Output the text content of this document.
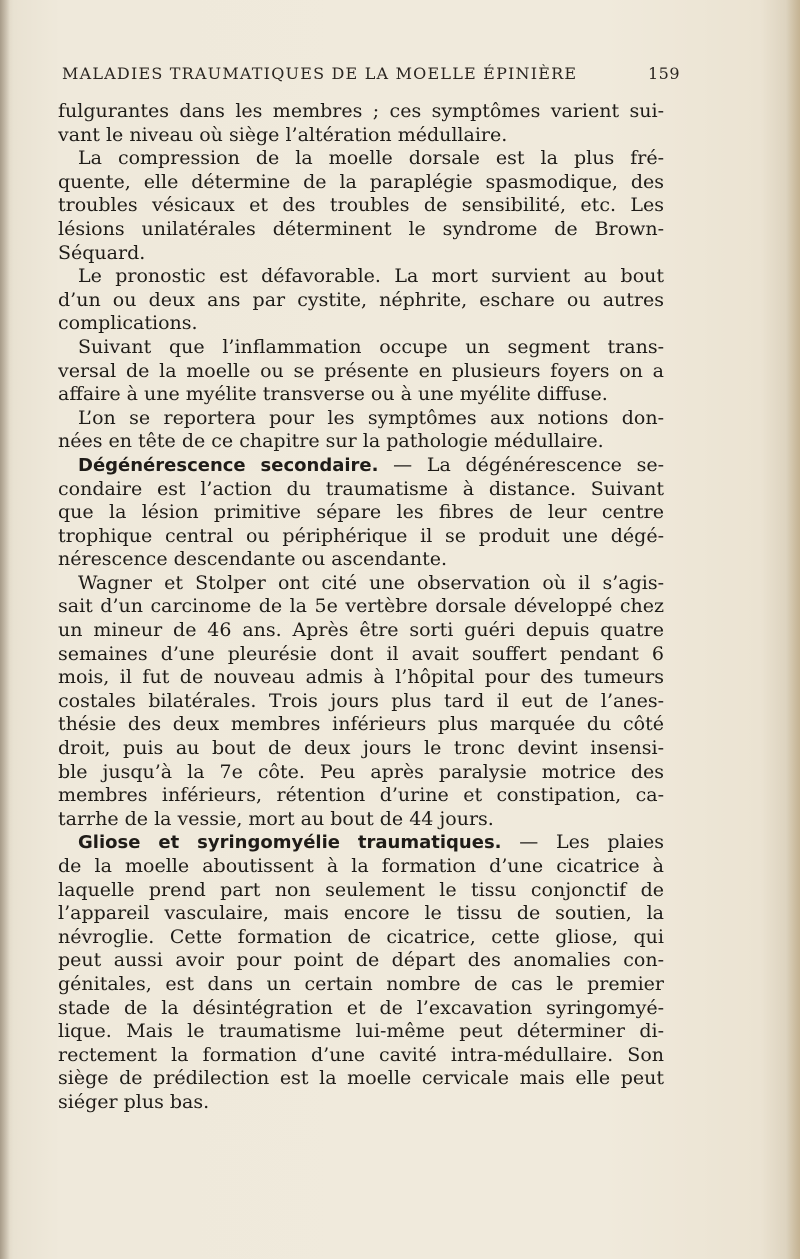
MALADIES TRAUMATIQUES DE LA MOELLE ÉPINIÈRE	159
fulgurantes dans les membres ; ces symptômes varient sui-
vant le niveau où siège l’altération médullaire.
La compression de la moelle dorsale est la plus fré-
quente, elle détermine de la paraplégie spasmodique, des
troubles vésicaux et des troubles de sensibilité, etc. Les
lésions unilatérales déterminent le syndrome de Brown-
Séquard.
Le pronostic est défavorable. La mort survient au bout
d’un ou deux ans par cystite, néphrite, eschare ou autres
complications.
Suivant que l’inflammation occupe un segment trans-
versal de la moelle ou se présente en plusieurs foyers on a
affaire à une myélite transverse ou à une myélite diffuse.
L’on se reportera pour les symptômes aux notions don-
nées en tête de ce chapitre sur la pathologie médullaire.
Dégénérescence secondaire. — La dégénérescence se-
condaire est l’action du traumatisme à distance. Suivant
que la lésion primitive sépare les fibres de leur centre
trophique central ou périphérique il se produit une dégé-
nérescence descendante ou ascendante.
Wagner et Stolper ont cité une observation où il s’agis-
sait d’un carcinome de la 5e vertèbre dorsale développé chez
un mineur de 46 ans. Après être sorti guéri depuis quatre
semaines d’une pleurésie dont il avait souffert pendant 6
mois, il fut de nouveau admis à l’hôpital pour des tumeurs
costales bilatérales. Trois jours plus tard il eut de l’anes-
thésie des deux membres inférieurs plus marquée du côté
droit, puis au bout de deux jours le tronc devint insensi-
ble jusqu’à la 7e côte. Peu après paralysie motrice des
membres inférieurs, rétention d’urine et constipation, ca-
tarrhe de la vessie, mort au bout de 44 jours.
Gliose et syringomyélie traumatiques. — Les plaies
de la moelle aboutissent à la formation d’une cicatrice à
laquelle prend part non seulement le tissu conjonctif de
l’appareil vasculaire, mais encore le tissu de soutien, la
névroglie. Cette formation de cicatrice, cette gliose, qui
peut aussi avoir pour point de départ des anomalies con-
génitales, est dans un certain nombre de cas le premier
stade de la désintégration et de l’excavation syringomyé-
lique. Mais le traumatisme lui-même peut déterminer di-
rectement la formation d’une cavité intra-médullaire. Son
siège de prédilection est la moelle cervicale mais elle peut
siéger plus bas.
